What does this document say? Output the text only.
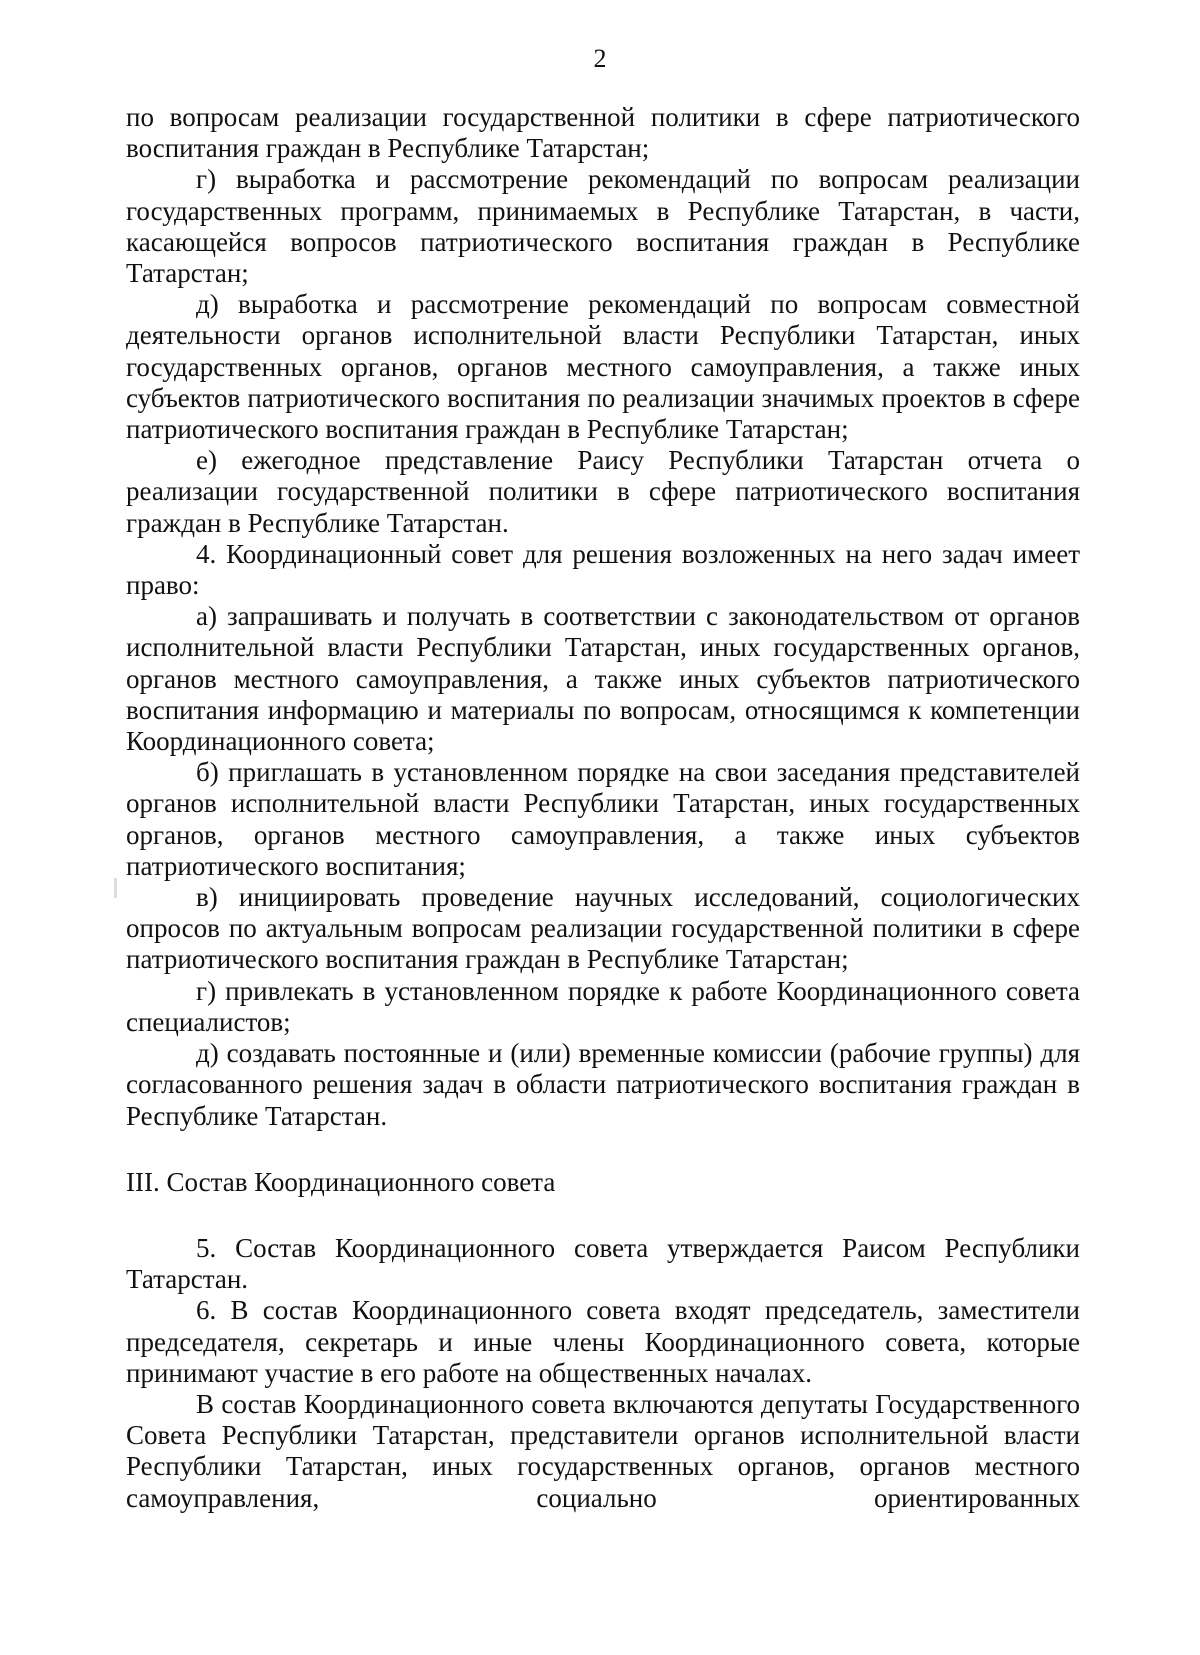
2

по вопросам реализации государственной политики в сфере патриотического воспитания граждан в Республике Татарстан;

г) выработка и рассмотрение рекомендаций по вопросам реализации государственных программ, принимаемых в Республике Татарстан, в части, касающейся вопросов патриотического воспитания граждан в Республике Татарстан;

д) выработка и рассмотрение рекомендаций по вопросам совместной деятельности органов исполнительной власти Республики Татарстан, иных государственных органов, органов местного самоуправления, а также иных субъектов патриотического воспитания по реализации значимых проектов в сфере патриотического воспитания граждан в Республике Татарстан;

е) ежегодное представление Раису Республики Татарстан отчета о реализации государственной политики в сфере патриотического воспитания граждан в Республике Татарстан.

4. Координационный совет для решения возложенных на него задач имеет право:

а) запрашивать и получать в соответствии с законодательством от органов исполнительной власти Республики Татарстан, иных государственных органов, органов местного самоуправления, а также иных субъектов патриотического воспитания информацию и материалы по вопросам, относящимся к компетенции Координационного совета;

б) приглашать в установленном порядке на свои заседания представителей органов исполнительной власти Республики Татарстан, иных государственных органов, органов местного самоуправления, а также иных субъектов патриотического воспитания;

в) инициировать проведение научных исследований, социологических опросов по актуальным вопросам реализации государственной политики в сфере патриотического воспитания граждан в Республике Татарстан;

г) привлекать в установленном порядке к работе Координационного совета специалистов;

д) создавать постоянные и (или) временные комиссии (рабочие группы) для согласованного решения задач в области патриотического воспитания граждан в Республике Татарстан.

III. Состав Координационного совета

5. Состав Координационного совета утверждается Раисом Республики Татарстан.

6. В состав Координационного совета входят председатель, заместители председателя, секретарь и иные члены Координационного совета, которые принимают участие в его работе на общественных началах.

В состав Координационного совета включаются депутаты Государственного Совета Республики Татарстан, представители органов исполнительной власти Республики Татарстан, иных государственных органов, органов местного самоуправления, социально ориентированных
